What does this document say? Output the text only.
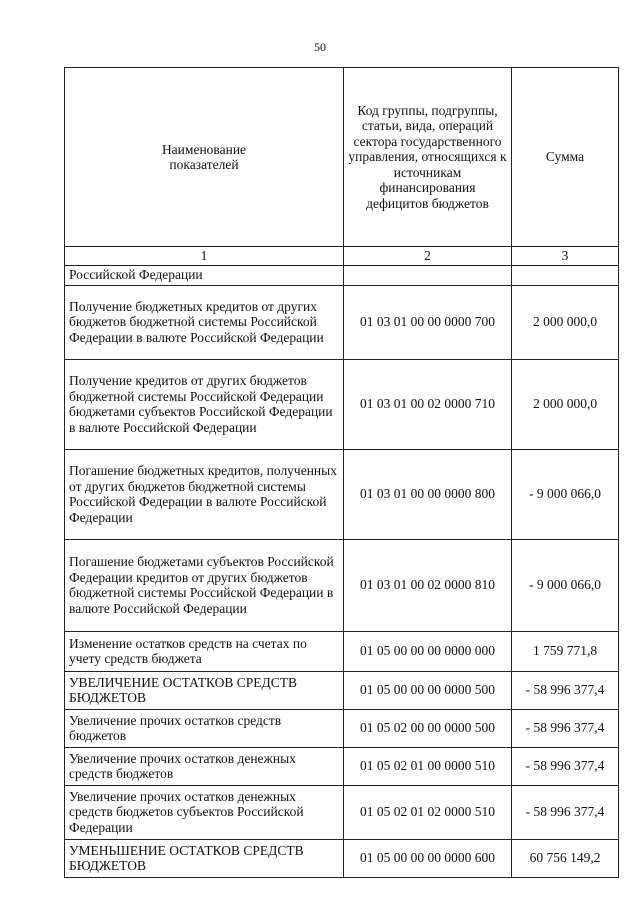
50
Наименование показателей	Код группы, подгруппы, статьи, вида, операций сектора государственного управления, относящихся к источникам финансирования дефицитов бюджетов	Сумма
1	2	3
Российской Федерации		
Получение бюджетных кредитов от других бюджетов бюджетной системы Российской Федерации в валюте Российской Федерации	01 03 01 00 00 0000 700	2 000 000,0
Получение кредитов от других бюджетов бюджетной системы Российской Федерации бюджетами субъектов Российской Федерации в валюте Российской Федерации	01 03 01 00 02 0000 710	2 000 000,0
Погашение бюджетных кредитов, полученных от других бюджетов бюджетной системы Российской Федерации в валюте Российской Федерации	01 03 01 00 00 0000 800	- 9 000 066,0
Погашение бюджетами субъектов Российской Федерации кредитов от других бюджетов бюджетной системы Российской Федерации в валюте Российской Федерации	01 03 01 00 02 0000 810	- 9 000 066,0
Изменение остатков средств на счетах по учету средств бюджета	01 05 00 00 00 0000 000	1 759 771,8
УВЕЛИЧЕНИЕ ОСТАТКОВ СРЕДСТВ БЮДЖЕТОВ	01 05 00 00 00 0000 500	- 58 996 377,4
Увеличение прочих остатков средств бюджетов	01 05 02 00 00 0000 500	- 58 996 377,4
Увеличение прочих остатков денежных средств бюджетов	01 05 02 01 00 0000 510	- 58 996 377,4
Увеличение прочих остатков денежных средств бюджетов субъектов Российской Федерации	01 05 02 01 02 0000 510	- 58 996 377,4
УМЕНЬШЕНИЕ ОСТАТКОВ СРЕДСТВ БЮДЖЕТОВ	01 05 00 00 00 0000 600	60 756 149,2
